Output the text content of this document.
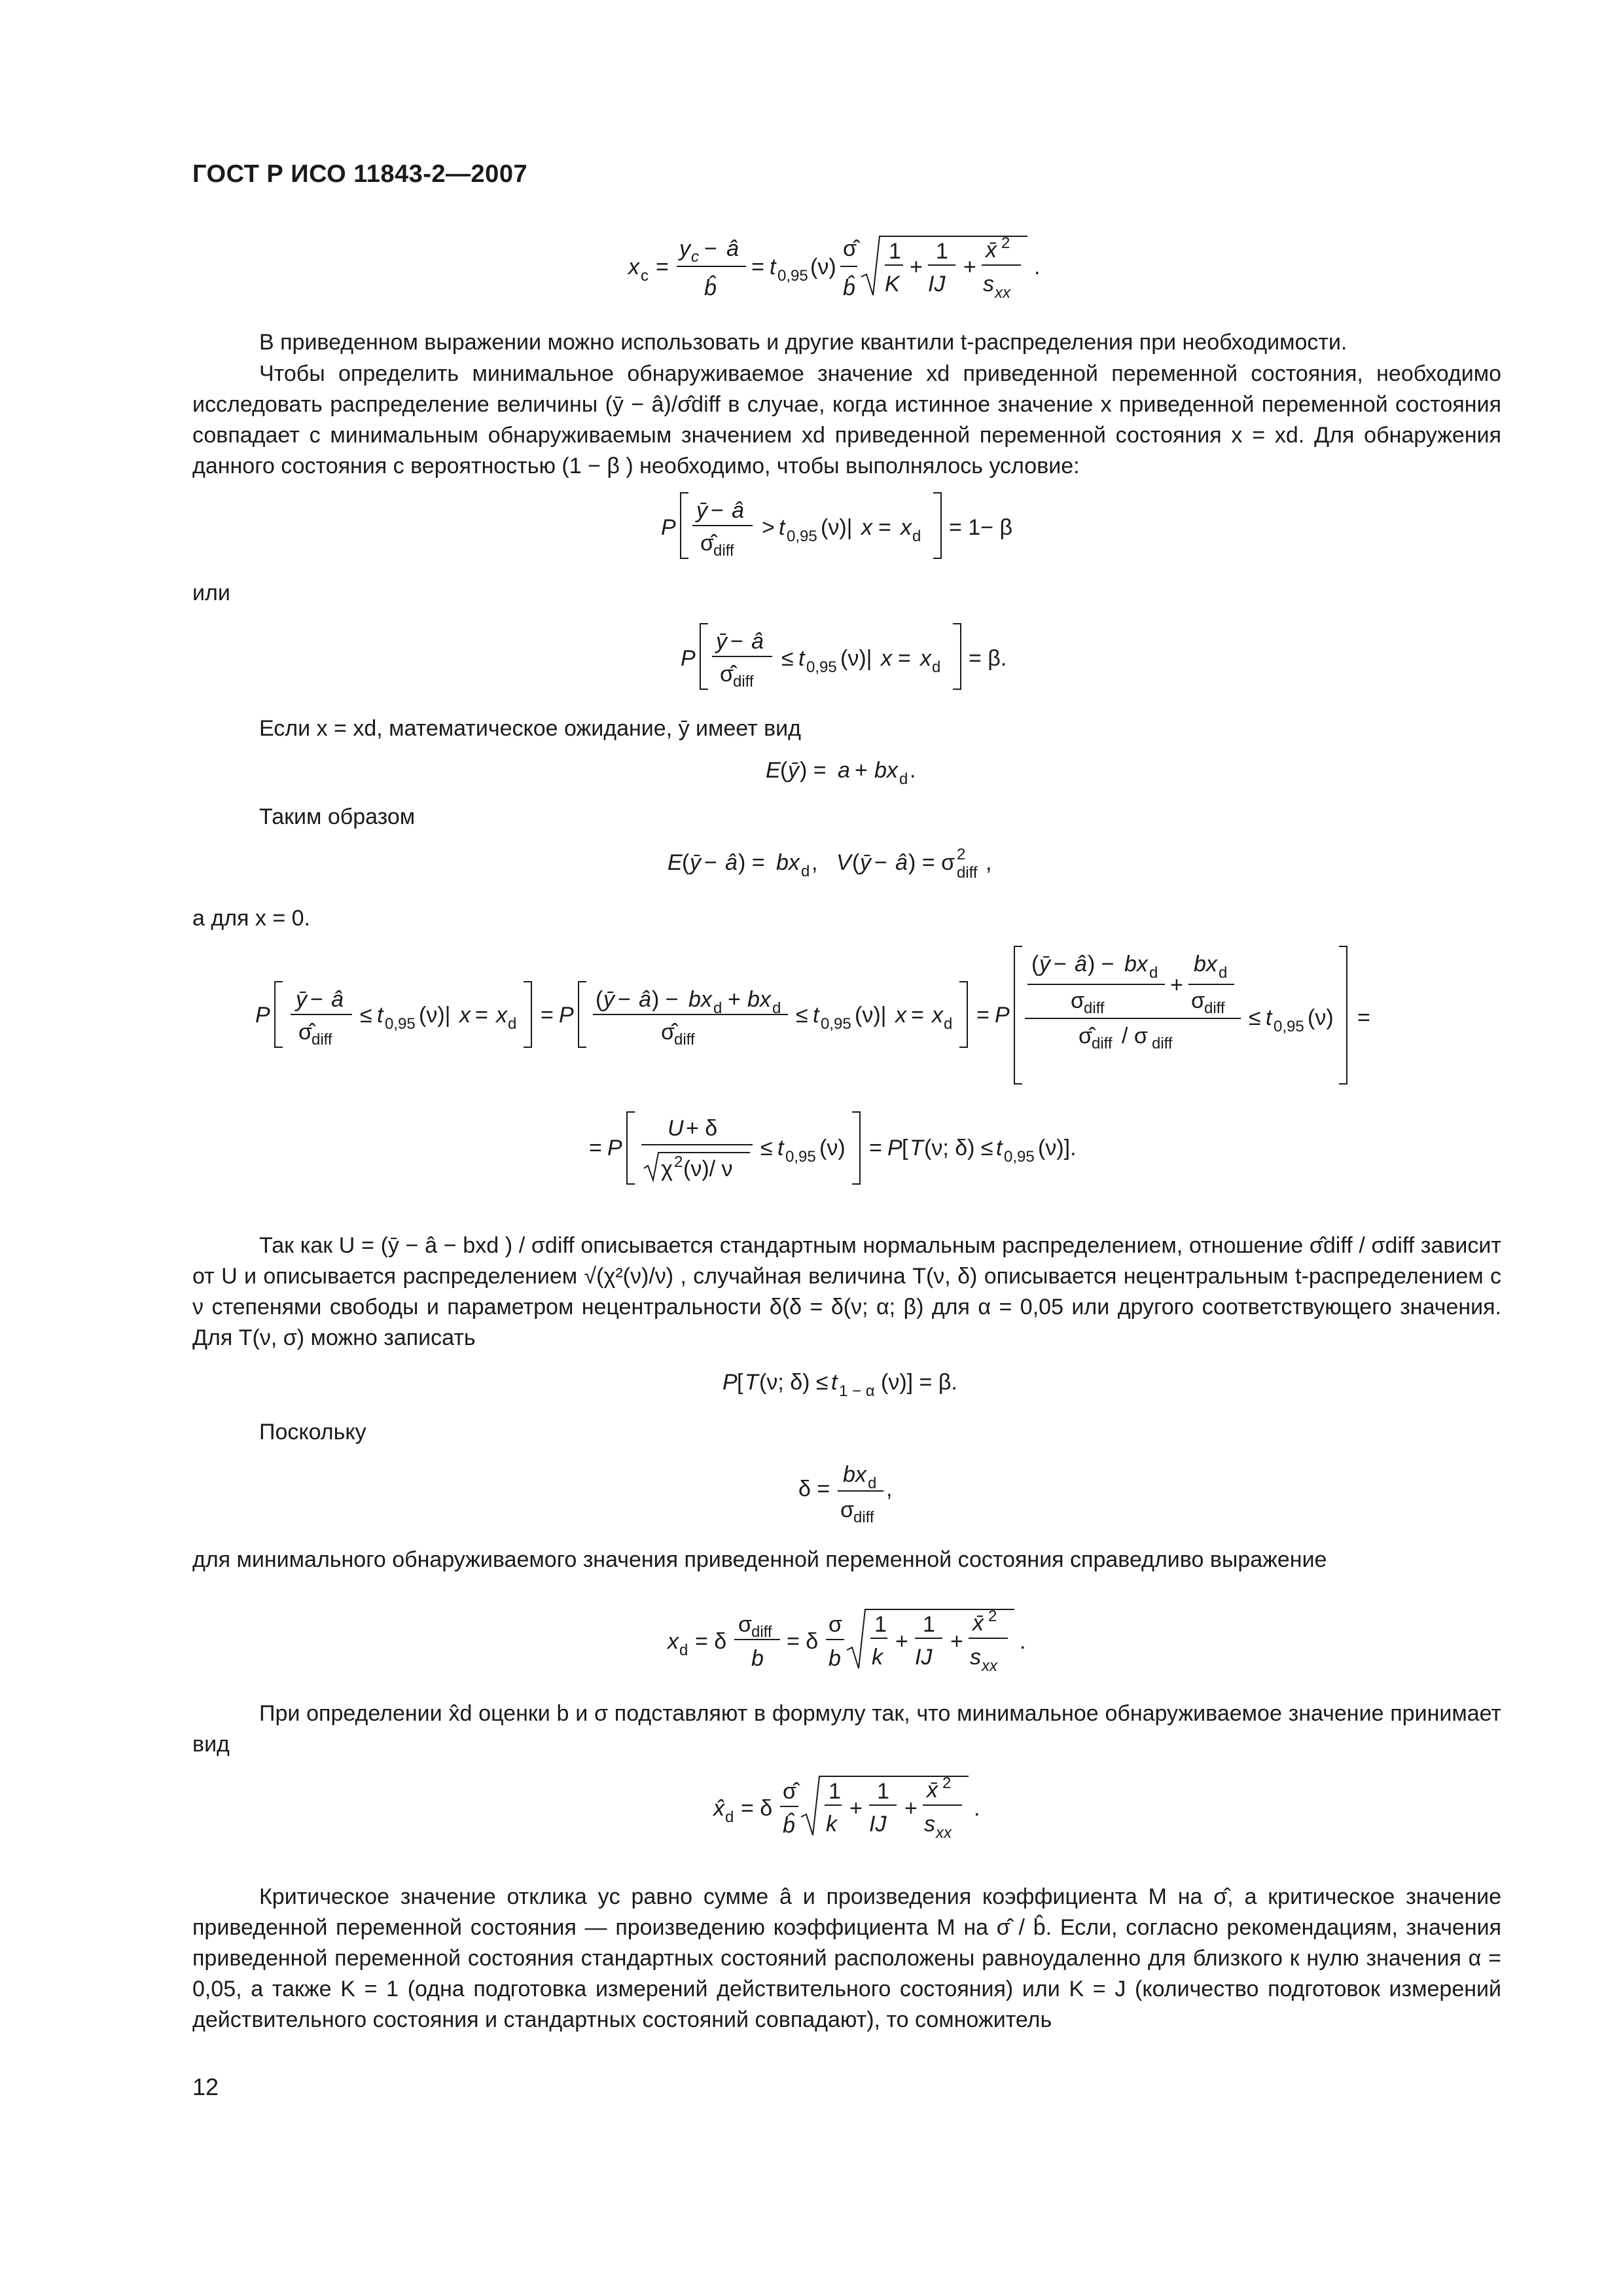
ГОСТ Р ИСО 11843-2—2007
x c =
y c − â
b̂
= t 0,95 (ν)
σ̂
b̂
1
K
+
1
IJ
+
x̄ 2
s xx
.
В приведенном выражении можно использовать и другие квантили t-распределения при необходимости.
Чтобы определить минимальное обнаруживаемое значение xd приведенной переменной состояния, необходимо исследовать распределение величины (ȳ − â)/σ̂diff в случае, когда истинное значение x приведенной переменной состояния совпадает с минимальным обнаруживаемым значением xd приведенной переменной состояния x = xd. Для обнаружения данного состояния с вероятностью (1 − β ) необходимо, чтобы выполнялось условие:
P
ȳ − â
σ̂ diff
> t 0,95 (ν)| x = x d = 1− β
или
P
ȳ − â
σ̂ diff
≤ t 0,95 (ν)| x = x d = β.
Если x = xd, математическое ожидание, ȳ имеет вид
E ( ȳ ) = a + bx d .
Таким образом
E ( ȳ − â ) = bx d , V ( ȳ − â ) = σ 2
diff ,
а для x = 0.
P
ȳ − â
σ̂ diff
≤ t 0,95 (ν)| x = x d = P
( ȳ − â ) − bx d + bx d
σ̂ diff
≤ t 0,95 (ν)| x = x d = P
( ȳ − â ) − bx d
σ diff
+
bx d
σ diff
σ̂ diff / σ diff
≤ t 0,95 (ν) =
= P
U + δ
χ 2 (ν)/ ν
≤ t 0,95 (ν) = P [ T (ν; δ) ≤ t 0,95 (ν)].
Так как U = (ȳ − â − bxd ) / σdiff описывается стандартным нормальным распределением, отношение σ̂diff / σdiff зависит от U и описывается распределением √(χ²(ν)/ν) , случайная величина T(ν, δ) описывается нецентральным t-распределением с ν степенями свободы и параметром нецентральности δ(δ = δ(ν; α; β) для α = 0,05 или другого соответствующего значения. Для T(ν, σ) можно записать
P [ T (ν; δ) ≤ t 1 − α (ν)] = β.
Поскольку
δ =
bx d
σ diff
,
для минимального обнаруживаемого значения приведенной переменной состояния справедливо выражение
x d = δ
σ diff
b
= δ
σ
b
1
k
+
1
IJ
+
x̄ 2
s xx
.
При определении x̂d оценки b и σ подставляют в формулу так, что минимальное обнаруживаемое значение принимает вид
x̂ d = δ
σ̂
b̂
1
k
+
1
IJ
+
x̄ 2
s xx
.
Критическое значение отклика yc равно сумме â и произведения коэффициента M на σ̂, а критическое значение приведенной переменной состояния — произведению коэффициента M на σ̂ / b̂. Если, согласно рекомендациям, значения приведенной переменной состояния стандартных состояний расположены равноудаленно для близкого к нулю значения α = 0,05, а также K = 1 (одна подготовка измерений действительного состояния) или K = J (количество подготовок измерений действительного состояния и стандартных состояний совпадают), то сомножитель
12
